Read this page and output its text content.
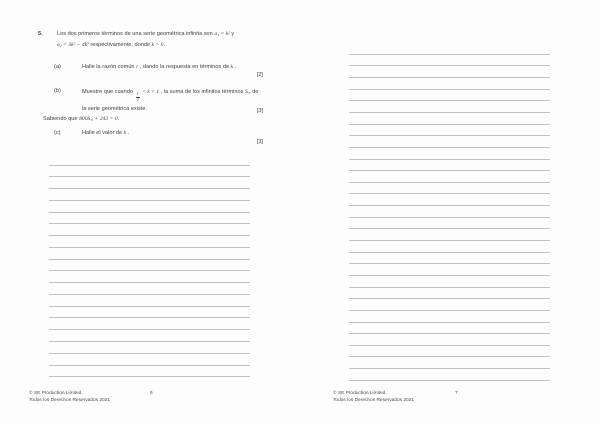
5.	Los dos primeros términos de una serie geométrica infinita son a₁ = k² y
a₂ = 3k² − 4k³ respectivamente, donde k > 0.
(a)	Halle la razón común r , dando la respuesta en términos de k .
[2]
(b)	Muestre que cuando $\frac{1}{2} < k < 1$ , la suma de los infinitos términos $S_\infty$ de
la serie geométrica existe.	[3]
Sabiendo que $800S_\infty + 243 = 0$.
(c)	Halle el valor de k .
[3]
© SE Production Limited
Todos los Derechos Reservados 2021
6	© SE Production Limited
Todos los Derechos Reservados 2021
7
